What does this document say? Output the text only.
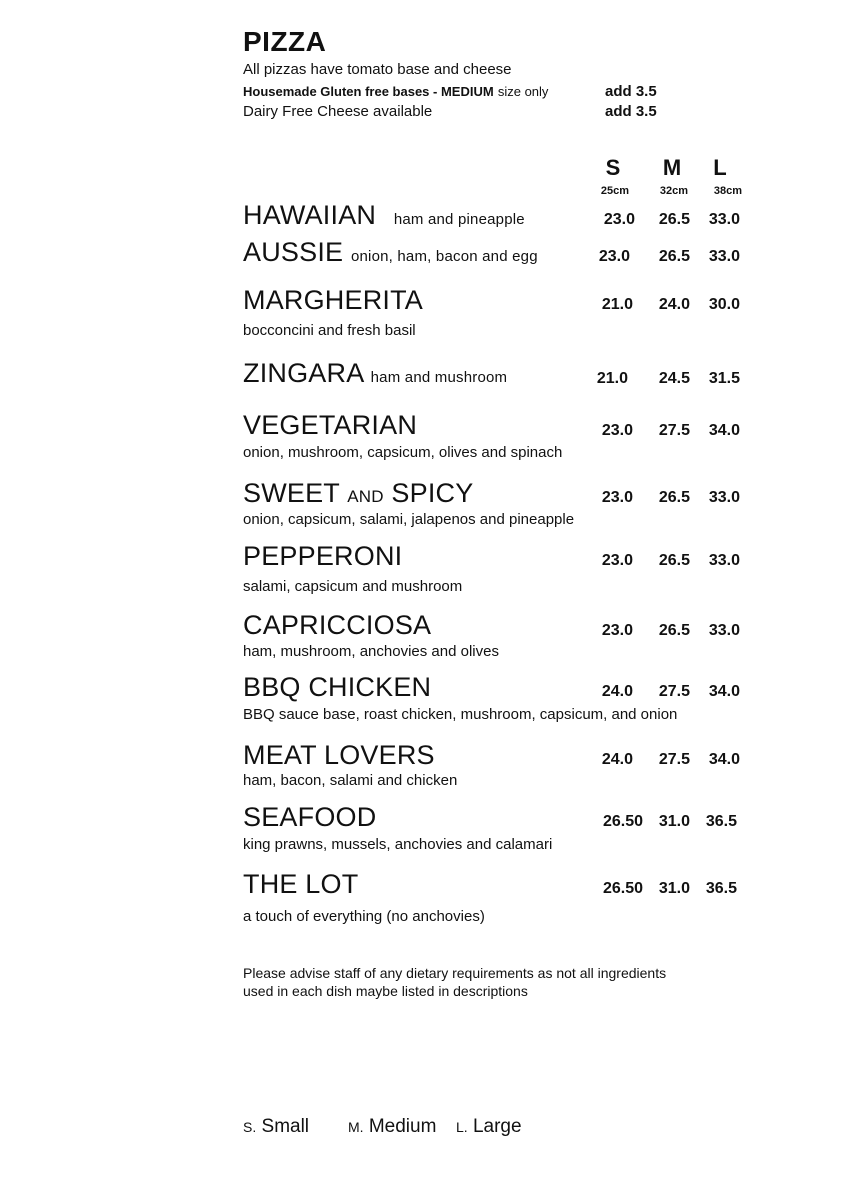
PIZZA
All pizzas have tomato base and cheese
Housemade Gluten free bases - MEDIUM size only	add 3.5
Dairy Free Cheese available	add 3.5
S	M	L
25cm	32cm	38cm
HAWAIIAN ham and pineapple	23.0	26.5	33.0
AUSSIE onion, ham, bacon and egg	23.0	26.5	33.0
MARGHERITA	21.0	24.0	30.0
bocconcini and fresh basil
ZINGARA ham and mushroom	21.0	24.5	31.5
VEGETARIAN	23.0	27.5	34.0
onion, mushroom, capsicum, olives and spinach
SWEET AND SPICY	23.0	26.5	33.0
onion, capsicum, salami, jalapenos and pineapple
PEPPERONI	23.0	26.5	33.0
salami, capsicum and mushroom
CAPRICCIOSA	23.0	26.5	33.0
ham, mushroom, anchovies and olives
BBQ CHICKEN	24.0	27.5	34.0
BBQ sauce base, roast chicken, mushroom, capsicum, and onion
MEAT LOVERS	24.0	27.5	34.0
ham, bacon, salami and chicken
SEAFOOD	26.50 31.0 36.5
king prawns, mussels, anchovies and calamari
THE LOT	26.50 31.0 36.5
a touch of everything (no anchovies)
Please advise staff of any dietary requirements as not all ingredients
used in each dish maybe listed in descriptions
S. Small	M. Medium L. Large
